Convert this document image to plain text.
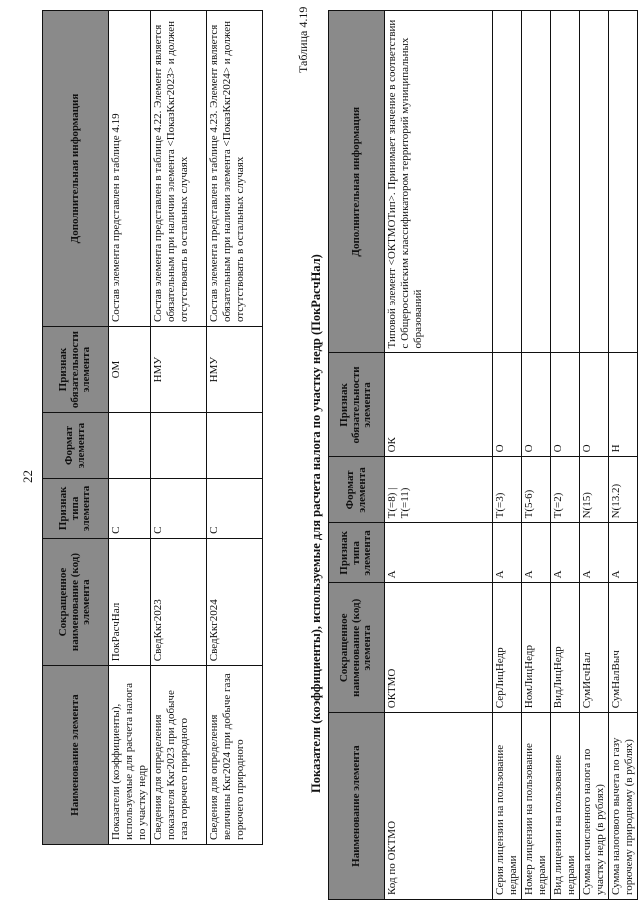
22
Наименование элемента	Сокращенное наименование (код) элемента	Признак типа элемента	Формат элемента	Признак обязательности элемента	Дополнительная информация
Показатели (коэффициенты), используемые для расчета налога по участку недр	ПокРасчНал	С		ОМ	Состав элемента представлен в таблице 4.19
Сведения для определения показателя Ккг2023 при добыче газа горючего природного	СведКкг2023	С		НМУ	Состав элемента представлен в таблице 4.22. Элемент является обязательным при наличии элемента <ПоказКкг2023> и должен отсутствовать в остальных случаях
Сведения для определения величины Ккг2024 при добыче газа горючего природного	СведКкг2024	С		НМУ	Состав элемента представлен в таблице 4.23. Элемент является обязательным при наличии элемента <ПоказКкг2024> и должен отсутствовать в остальных случаях
Таблица 4.19
Показатели (коэффициенты), используемые для расчета налога по участку недр (ПокРасчНал)
Наименование элемента	Сокращенное наименование (код) элемента	Признак типа элемента	Формат элемента	Признак обязательности элемента	Дополнительная информация
Код по ОКТМО	ОКТМО	А	T(=8) | T(=11)	ОК	Типовой элемент <ОКТМОТип>. Принимает значение в соответствии с Общероссийским классификатором территорий муниципальных образований
Серия лицензии на пользование недрами	СерЛицНедр	А	T(=3)	О	
Номер лицензии на пользование недрами	НомЛицНедр	А	T(5-6)	О	
Вид лицензии на пользование недрами	ВидЛицНедр	А	T(=2)	О	
Сумма исчисленного налога по участку недр (в рублях)	СумИсчНал	А	N(15)	О	
Сумма налогового вычета по газу горючему природному (в рублях)	СумНалВыч	А	N(13.2)	Н	
